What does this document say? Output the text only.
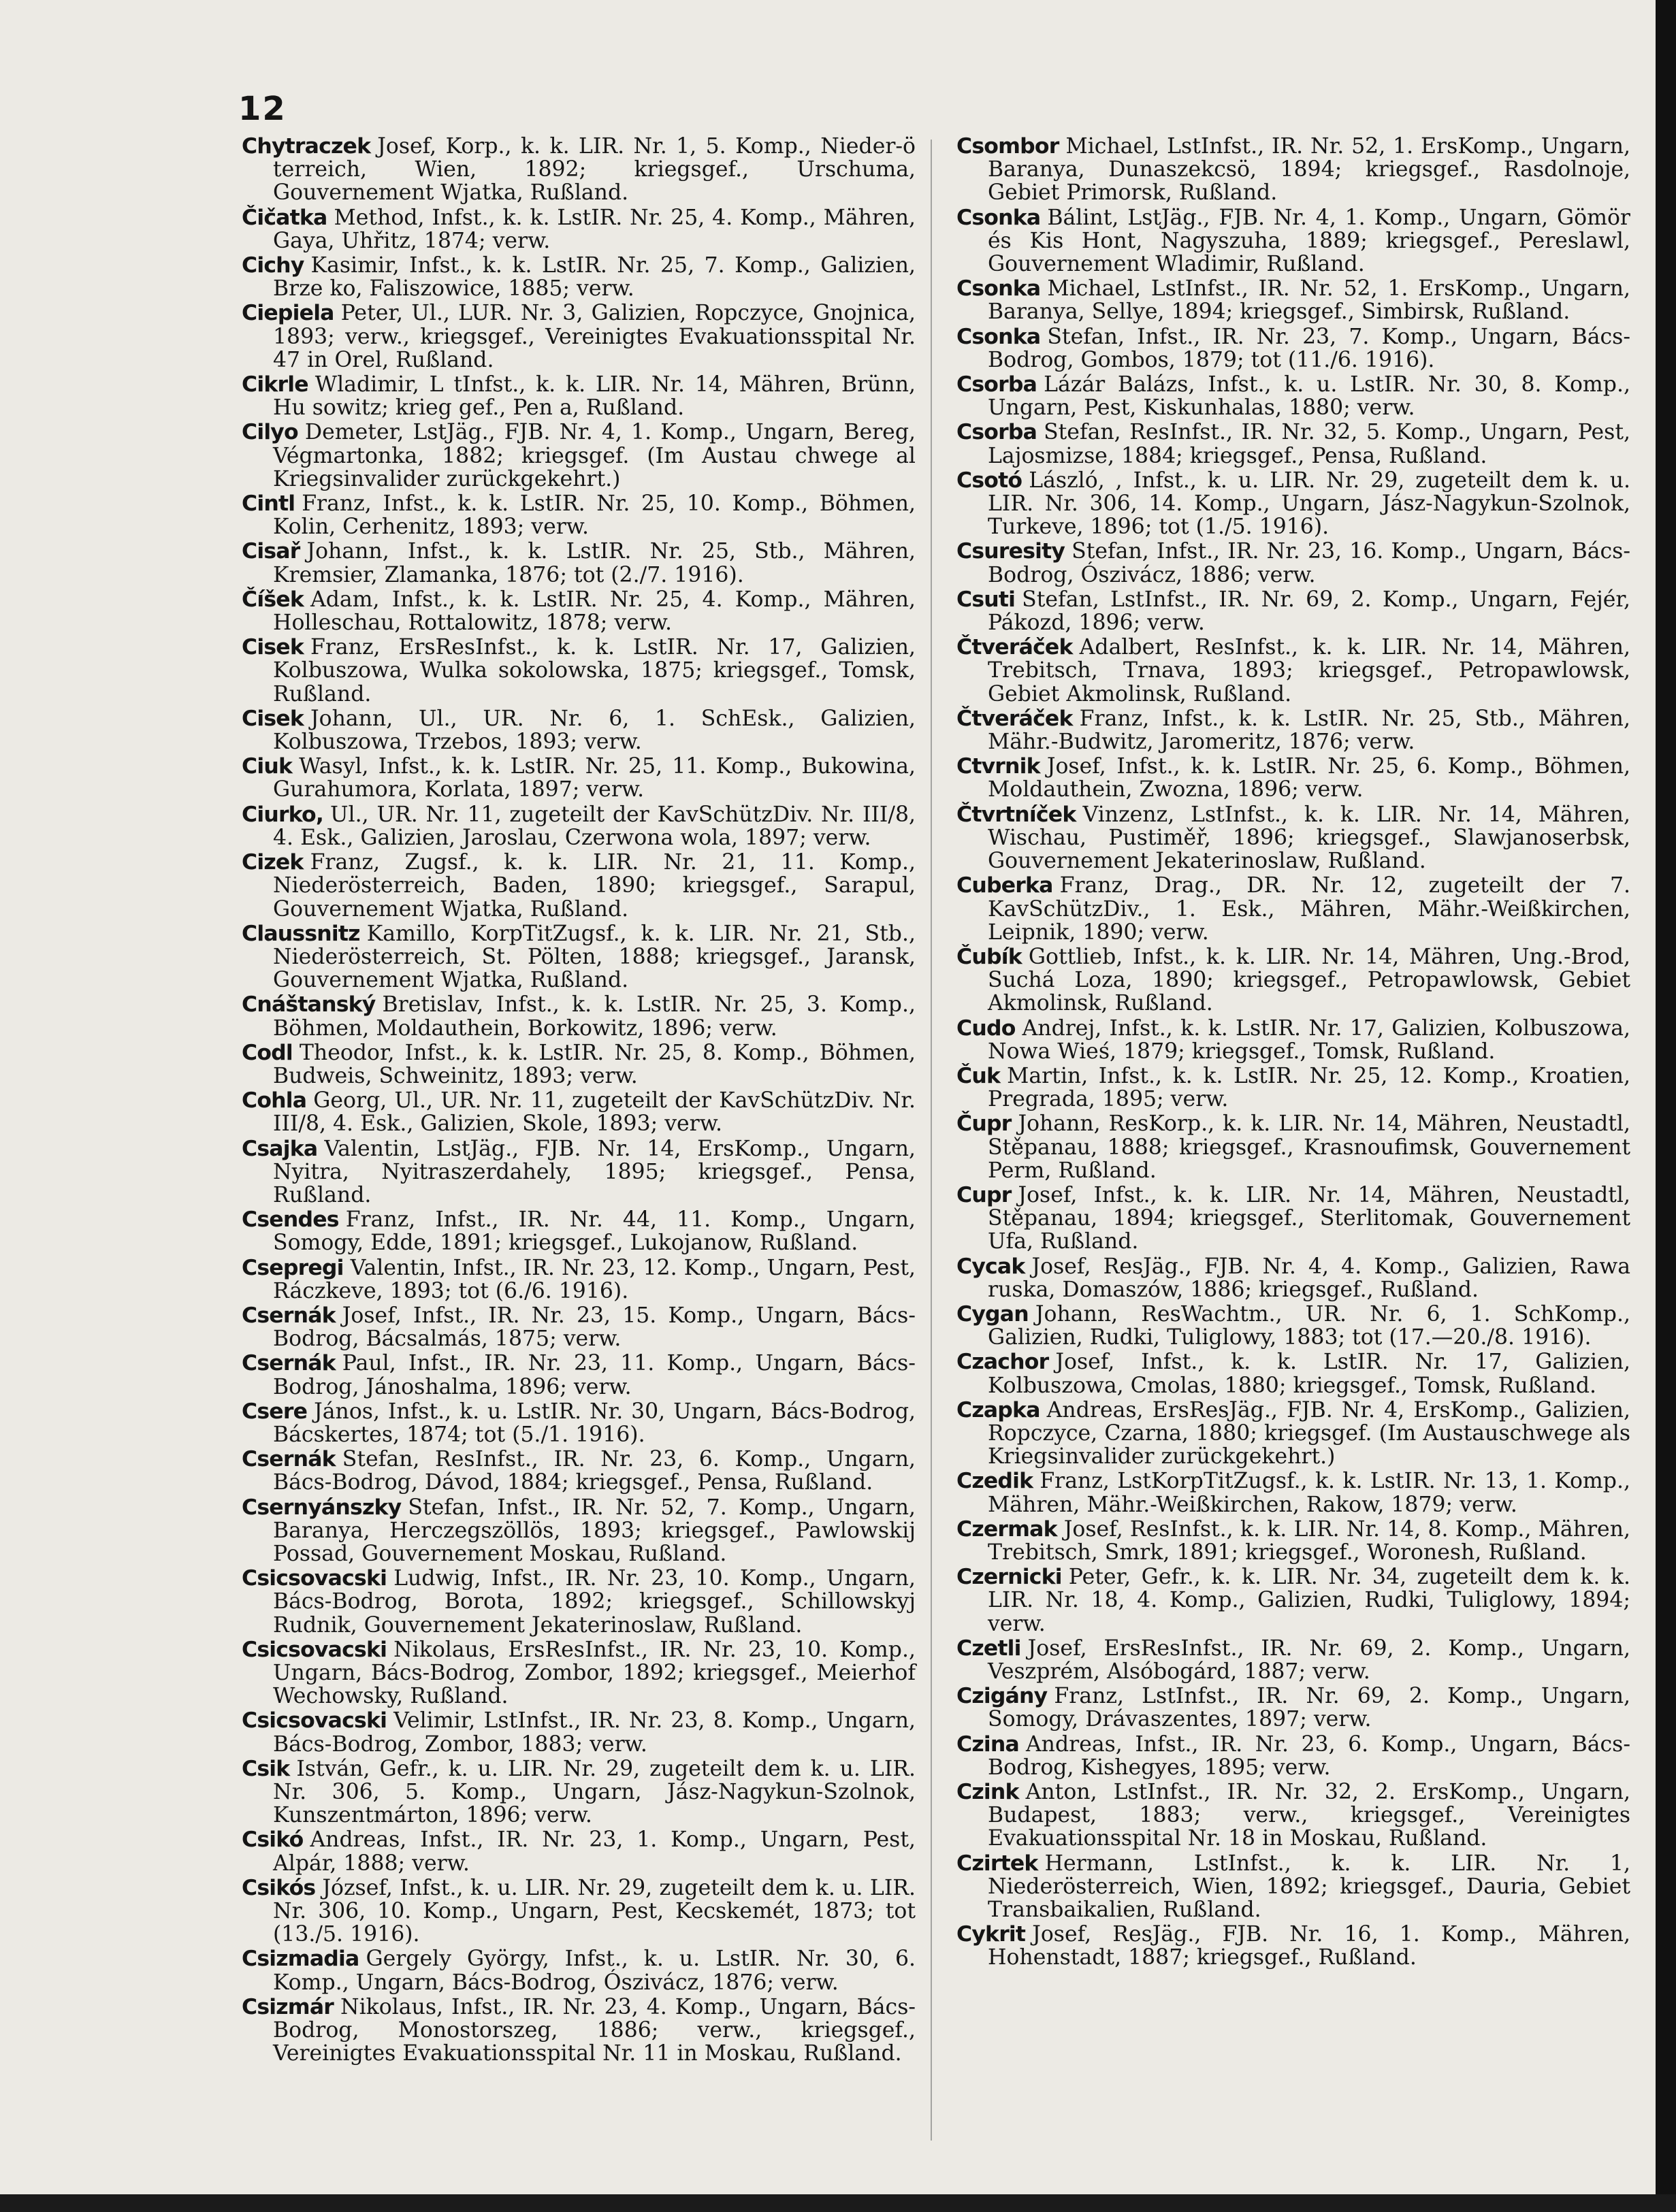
12

Chytraczek Josef, Korp., k. k. LIR. Nr. 1, 5. Komp., Nieder-ö terreich, Wien, 1892; kriegsgef., Urschuma, Gouvernement Wjatka, Rußland.

Čičatka Method, Infst., k. k. LstIR. Nr. 25, 4. Komp., Mähren, Gaya, Uhřitz, 1874; verw.

Cichy Kasimir, Infst., k. k. LstIR. Nr. 25, 7. Komp., Galizien, Brze ko, Faliszowice, 1885; verw.

Ciepiela Peter, Ul., LUR. Nr. 3, Galizien, Ropczyce, Gnojnica, 1893; verw., kriegsgef., Vereinigtes Evakuationsspital Nr. 47 in Orel, Rußland.

Cikrle Wladimir, L tInfst., k. k. LIR. Nr. 14, Mähren, Brünn, Hu sowitz; krieg gef., Pen a, Rußland.

Cilyo Demeter, LstJäg., FJB. Nr. 4, 1. Komp., Ungarn, Bereg, Végmartonka, 1882; kriegsgef. (Im Austau chwege al Kriegsinvalider zurückgekehrt.)

Cintl Franz, Infst., k. k. LstIR. Nr. 25, 10. Komp., Böhmen, Kolin, Cerhenitz, 1893; verw.

Cisař Johann, Infst., k. k. LstIR. Nr. 25, Stb., Mähren, Kremsier, Zlamanka, 1876; tot (2./7. 1916).

Číšek Adam, Infst., k. k. LstIR. Nr. 25, 4. Komp., Mähren, Holleschau, Rottalowitz, 1878; verw.

Cisek Franz, ErsResInfst., k. k. LstIR. Nr. 17, Galizien, Kolbuszowa, Wulka sokolowska, 1875; kriegsgef., Tomsk, Rußland.

Cisek Johann, Ul., UR. Nr. 6, 1. SchEsk., Galizien, Kolbuszowa, Trzebos, 1893; verw.

Ciuk Wasyl, Infst., k. k. LstIR. Nr. 25, 11. Komp., Bukowina, Gurahumora, Korlata, 1897; verw.

Ciurko, Ul., UR. Nr. 11, zugeteilt der KavSchützDiv. Nr. III/8, 4. Esk., Galizien, Jaroslau, Czerwona wola, 1897; verw.

Cizek Franz, Zugsf., k. k. LIR. Nr. 21, 11. Komp., Niederösterreich, Baden, 1890; kriegsgef., Sarapul, Gouvernement Wjatka, Rußland.

Claussnitz Kamillo, KorpTitZugsf., k. k. LIR. Nr. 21, Stb., Niederösterreich, St. Pölten, 1888; kriegsgef., Jaransk, Gouvernement Wjatka, Rußland.

Cnáštanský Bretislav, Infst., k. k. LstIR. Nr. 25, 3. Komp., Böhmen, Moldauthein, Borkowitz, 1896; verw.

Codl Theodor, Infst., k. k. LstIR. Nr. 25, 8. Komp., Böhmen, Budweis, Schweinitz, 1893; verw.

Cohla Georg, Ul., UR. Nr. 11, zugeteilt der KavSchützDiv. Nr. III/8, 4. Esk., Galizien, Skole, 1893; verw.

Csajka Valentin, LstJäg., FJB. Nr. 14, ErsKomp., Ungarn, Nyitra, Nyitraszerdahely, 1895; kriegsgef., Pensa, Rußland.

Csendes Franz, Infst., IR. Nr. 44, 11. Komp., Ungarn, Somogy, Edde, 1891; kriegsgef., Lukojanow, Rußland.

Csepregi Valentin, Infst., IR. Nr. 23, 12. Komp., Ungarn, Pest, Ráczkeve, 1893; tot (6./6. 1916).

Csernák Josef, Infst., IR. Nr. 23, 15. Komp., Ungarn, Bács-Bodrog, Bácsalmás, 1875; verw.

Csernák Paul, Infst., IR. Nr. 23, 11. Komp., Ungarn, Bács-Bodrog, Jánoshalma, 1896; verw.

Csere János, Infst., k. u. LstIR. Nr. 30, Ungarn, Bács-Bodrog, Bácskertes, 1874; tot (5./1. 1916).

Csernák Stefan, ResInfst., IR. Nr. 23, 6. Komp., Ungarn, Bács-Bodrog, Dávod, 1884; kriegsgef., Pensa, Rußland.

Csernyánszky Stefan, Infst., IR. Nr. 52, 7. Komp., Ungarn, Baranya, Herczegszöllös, 1893; kriegsgef., Pawlowskij Possad, Gouvernement Moskau, Rußland.

Csicsovacski Ludwig, Infst., IR. Nr. 23, 10. Komp., Ungarn, Bács-Bodrog, Borota, 1892; kriegsgef., Schillowskyj Rudnik, Gouvernement Jekaterinoslaw, Rußland.

Csicsovacski Nikolaus, ErsResInfst., IR. Nr. 23, 10. Komp., Ungarn, Bács-Bodrog, Zombor, 1892; kriegsgef., Meierhof Wechowsky, Rußland.

Csicsovacski Velimir, LstInfst., IR. Nr. 23, 8. Komp., Ungarn, Bács-Bodrog, Zombor, 1883; verw.

Csik István, Gefr., k. u. LIR. Nr. 29, zugeteilt dem k. u. LIR. Nr. 306, 5. Komp., Ungarn, Jász-Nagykun-Szolnok, Kunszentmárton, 1896; verw.

Csikó Andreas, Infst., IR. Nr. 23, 1. Komp., Ungarn, Pest, Alpár, 1888; verw.

Csikós József, Infst., k. u. LIR. Nr. 29, zugeteilt dem k. u. LIR. Nr. 306, 10. Komp., Ungarn, Pest, Kecskemét, 1873; tot (13./5. 1916).

Csizmadia Gergely György, Infst., k. u. LstIR. Nr. 30, 6. Komp., Ungarn, Bács-Bodrog, Ószivácz, 1876; verw.

Csizmár Nikolaus, Infst., IR. Nr. 23, 4. Komp., Ungarn, Bács-Bodrog, Monostorszeg, 1886; verw., kriegsgef., Vereinigtes Evakuationsspital Nr. 11 in Moskau, Rußland.

Csombor Michael, LstInfst., IR. Nr. 52, 1. ErsKomp., Ungarn, Baranya, Dunaszekcsö, 1894; kriegsgef., Rasdolnoje, Gebiet Primorsk, Rußland.

Csonka Bálint, LstJäg., FJB. Nr. 4, 1. Komp., Ungarn, Gömör és Kis Hont, Nagyszuha, 1889; kriegsgef., Pereslawl, Gouvernement Wladimir, Rußland.

Csonka Michael, LstInfst., IR. Nr. 52, 1. ErsKomp., Ungarn, Baranya, Sellye, 1894; kriegsgef., Simbirsk, Rußland.

Csonka Stefan, Infst., IR. Nr. 23, 7. Komp., Ungarn, Bács-Bodrog, Gombos, 1879; tot (11./6. 1916).

Csorba Lázár Balázs, Infst., k. u. LstIR. Nr. 30, 8. Komp., Ungarn, Pest, Kiskunhalas, 1880; verw.

Csorba Stefan, ResInfst., IR. Nr. 32, 5. Komp., Ungarn, Pest, Lajosmizse, 1884; kriegsgef., Pensa, Rußland.

Csotó László, , Infst., k. u. LIR. Nr. 29, zugeteilt dem k. u. LIR. Nr. 306, 14. Komp., Ungarn, Jász-Nagykun-Szolnok, Turkeve, 1896; tot (1./5. 1916).

Csuresity Stefan, Infst., IR. Nr. 23, 16. Komp., Ungarn, Bács-Bodrog, Ószivácz, 1886; verw.

Csuti Stefan, LstInfst., IR. Nr. 69, 2. Komp., Ungarn, Fejér, Pákozd, 1896; verw.

Čtveráček Adalbert, ResInfst., k. k. LIR. Nr. 14, Mähren, Trebitsch, Trnava, 1893; kriegsgef., Petropawlowsk, Gebiet Akmolinsk, Rußland.

Čtveráček Franz, Infst., k. k. LstIR. Nr. 25, Stb., Mähren, Mähr.-Budwitz, Jaromeritz, 1876; verw.

Ctvrnik Josef, Infst., k. k. LstIR. Nr. 25, 6. Komp., Böhmen, Moldauthein, Zwozna, 1896; verw.

Čtvrtníček Vinzenz, LstInfst., k. k. LIR. Nr. 14, Mähren, Wischau, Pustiměř, 1896; kriegsgef., Slawjanoserbsk, Gouvernement Jekaterinoslaw, Rußland.

Cuberka Franz, Drag., DR. Nr. 12, zugeteilt der 7. KavSchützDiv., 1. Esk., Mähren, Mähr.-Weißkirchen, Leipnik, 1890; verw.

Čubík Gottlieb, Infst., k. k. LIR. Nr. 14, Mähren, Ung.-Brod, Suchá Loza, 1890; kriegsgef., Petropawlowsk, Gebiet Akmolinsk, Rußland.

Cudo Andrej, Infst., k. k. LstIR. Nr. 17, Galizien, Kolbuszowa, Nowa Wieś, 1879; kriegsgef., Tomsk, Rußland.

Čuk Martin, Infst., k. k. LstIR. Nr. 25, 12. Komp., Kroatien, Pregrada, 1895; verw.

Čupr Johann, ResKorp., k. k. LIR. Nr. 14, Mähren, Neustadtl, Stěpanau, 1888; kriegsgef., Krasnoufimsk, Gouvernement Perm, Rußland.

Cupr Josef, Infst., k. k. LIR. Nr. 14, Mähren, Neustadtl, Stěpanau, 1894; kriegsgef., Sterlitomak, Gouvernement Ufa, Rußland.

Cycak Josef, ResJäg., FJB. Nr. 4, 4. Komp., Galizien, Rawa ruska, Domaszów, 1886; kriegsgef., Rußland.

Cygan Johann, ResWachtm., UR. Nr. 6, 1. SchKomp., Galizien, Rudki, Tuliglowy, 1883; tot (17.—20./8. 1916).

Czachor Josef, Infst., k. k. LstIR. Nr. 17, Galizien, Kolbuszowa, Cmolas, 1880; kriegsgef., Tomsk, Rußland.

Czapka Andreas, ErsResJäg., FJB. Nr. 4, ErsKomp., Galizien, Ropczyce, Czarna, 1880; kriegsgef. (Im Austauschwege als Kriegsinvalider zurückgekehrt.)

Czedik Franz, LstKorpTitZugsf., k. k. LstIR. Nr. 13, 1. Komp., Mähren, Mähr.-Weißkirchen, Rakow, 1879; verw.

Czermak Josef, ResInfst., k. k. LIR. Nr. 14, 8. Komp., Mähren, Trebitsch, Smrk, 1891; kriegsgef., Woronesh, Rußland.

Czernicki Peter, Gefr., k. k. LIR. Nr. 34, zugeteilt dem k. k. LIR. Nr. 18, 4. Komp., Galizien, Rudki, Tuliglowy, 1894; verw.

Czetli Josef, ErsResInfst., IR. Nr. 69, 2. Komp., Ungarn, Veszprém, Alsóbogárd, 1887; verw.

Czigány Franz, LstInfst., IR. Nr. 69, 2. Komp., Ungarn, Somogy, Drávaszentes, 1897; verw.

Czina Andreas, Infst., IR. Nr. 23, 6. Komp., Ungarn, Bács-Bodrog, Kishegyes, 1895; verw.

Czink Anton, LstInfst., IR. Nr. 32, 2. ErsKomp., Ungarn, Budapest, 1883; verw., kriegsgef., Vereinigtes Evakuationsspital Nr. 18 in Moskau, Rußland.

Czirtek Hermann, LstInfst., k. k. LIR. Nr. 1, Niederösterreich, Wien, 1892; kriegsgef., Dauria, Gebiet Transbaikalien, Rußland.

Cykrit Josef, ResJäg., FJB. Nr. 16, 1. Komp., Mähren, Hohenstadt, 1887; kriegsgef., Rußland.
